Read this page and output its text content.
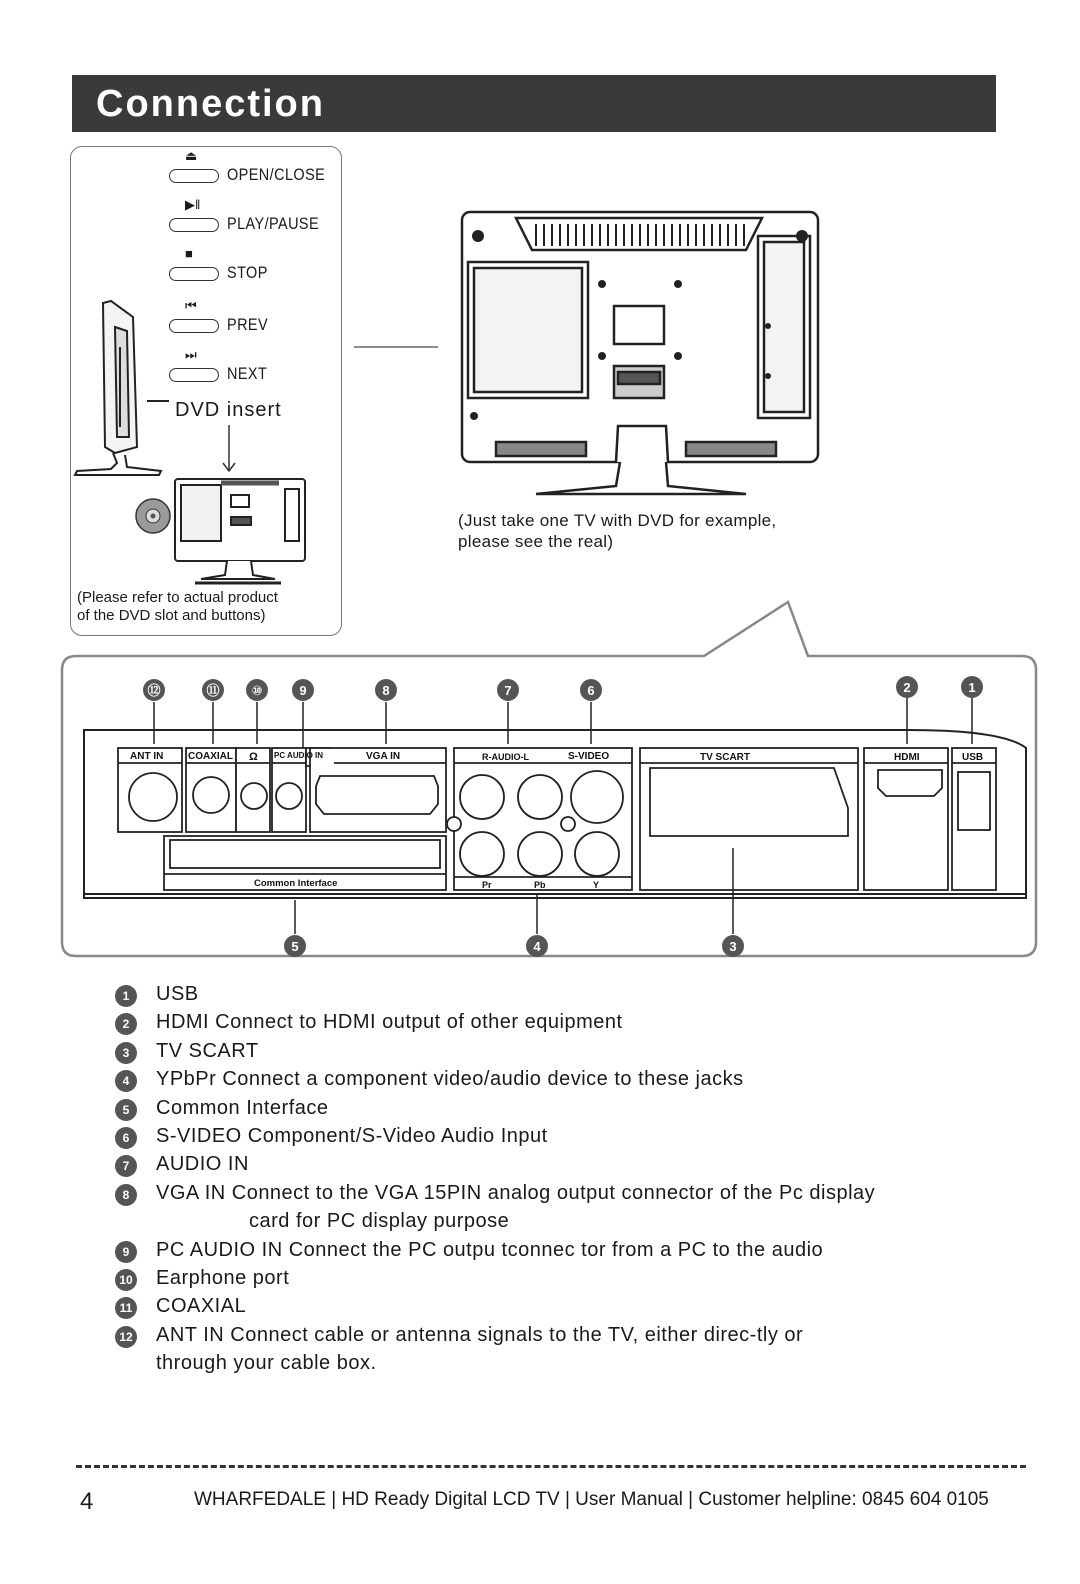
Connection
⏏
OPEN/CLOSE
▶ǁ
PLAY/PAUSE
■
STOP
⏮
PREV
⏭
NEXT
DVD insert
(Please refer to actual product
of the DVD slot and buttons)
(Just take one TV with DVD for example,
please see the real)
ANT IN COAXIAL Ω PC AUDIO IN	VGA IN	R-AUDIO-L	S-VIDEO	TV SCART	HDMI	USB
Common Interface	Pr	Pb	Y
⑫	⑪ ⑩	9	8	7	6	2	1
5	4	3
1	USB
2	HDMI Connect to HDMI output of other equipment
3	TV SCART
4	YPbPr Connect a component video/audio device to these jacks
5	Common Interface
6	S-VIDEO Component/S-Video Audio Input
7	AUDIO IN
8	VGA IN Connect to the VGA 15PIN analog output connector of the Pc display
card for PC display purpose
9	PC AUDIO IN Connect the PC outpu tconnec tor from a PC to the audio
10 Earphone port
11 COAXIAL
12 ANT IN Connect cable or antenna signals to the TV, either direc-tly or
through your cable box.
4	WHARFEDALE | HD Ready Digital LCD TV | User Manual | Customer helpline: 0845 604 0105
